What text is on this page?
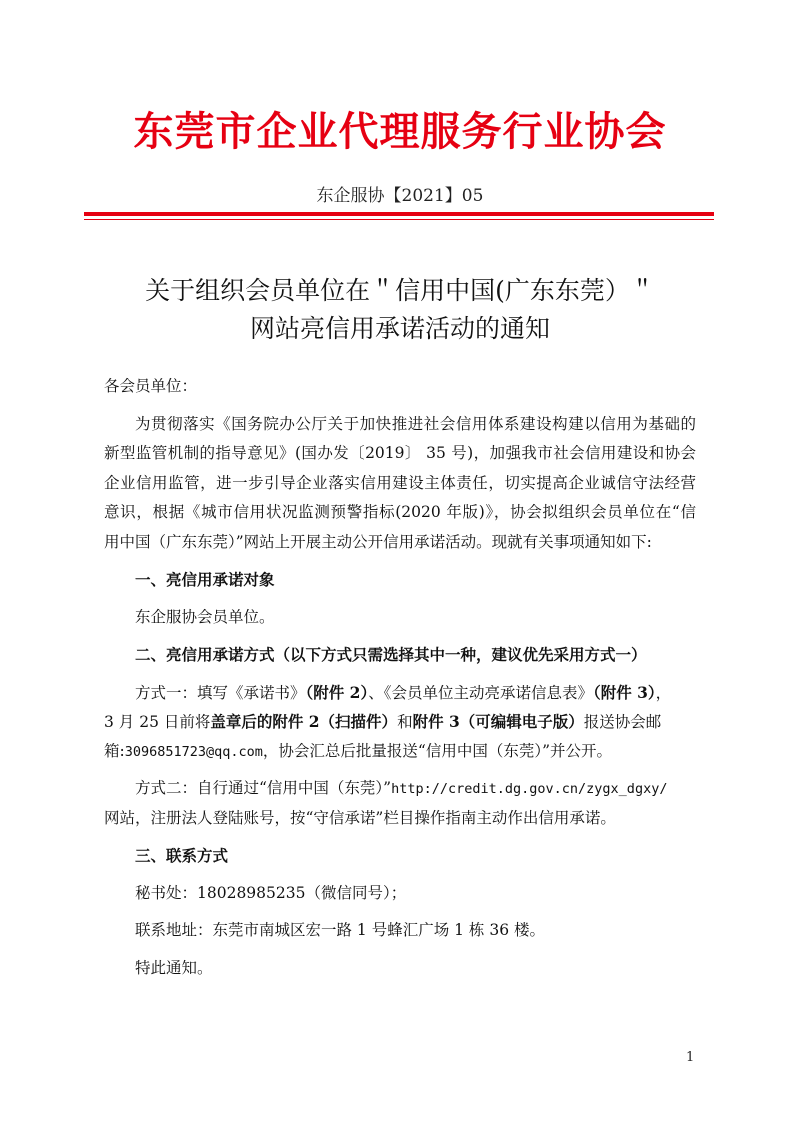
东莞市企业代理服务行业协会
东企服协【2021】05
关于组织会员单位在＂信用中国(广东东莞）＂
网站亮信用承诺活动的通知
各会员单位：
为贯彻落实《国务院办公厅关于加快推进社会信用体系建设构建以信用为基础的
新型监管机制的指导意见》(国办发〔2019〕 35 号)，加强我市社会信用建设和协会
企业信用监管，进一步引导企业落实信用建设主体责任，切实提高企业诚信守法经营
意识，根据《城市信用状况监测预警指标(2020 年版)》，协会拟组织会员单位在“信
用中国（广东东莞）”网站上开展主动公开信用承诺活动。现就有关事项通知如下:
一、亮信用承诺对象
东企服协会员单位。
二、亮信用承诺方式（以下方式只需选择其中一种，建议优先采用方式一）
方式一：填写《承诺书》（附件 2）、《会员单位主动亮承诺信息表》（附件 3），
3 月 25 日前将盖章后的附件 2（扫描件）和附件 3（可编辑电子版）报送协会邮
箱:3096851723@qq.com，协会汇总后批量报送“信用中国（东莞）”并公开。
方式二：自行通过“信用中国（东莞）”http://credit.dg.gov.cn/zygx_dgxy/
网站，注册法人登陆账号，按“守信承诺”栏目操作指南主动作出信用承诺。
三、联系方式
秘书处：18028985235（微信同号）；
联系地址：东莞市南城区宏一路 1 号蜂汇广场 1 栋 36 楼。
特此通知。
1
